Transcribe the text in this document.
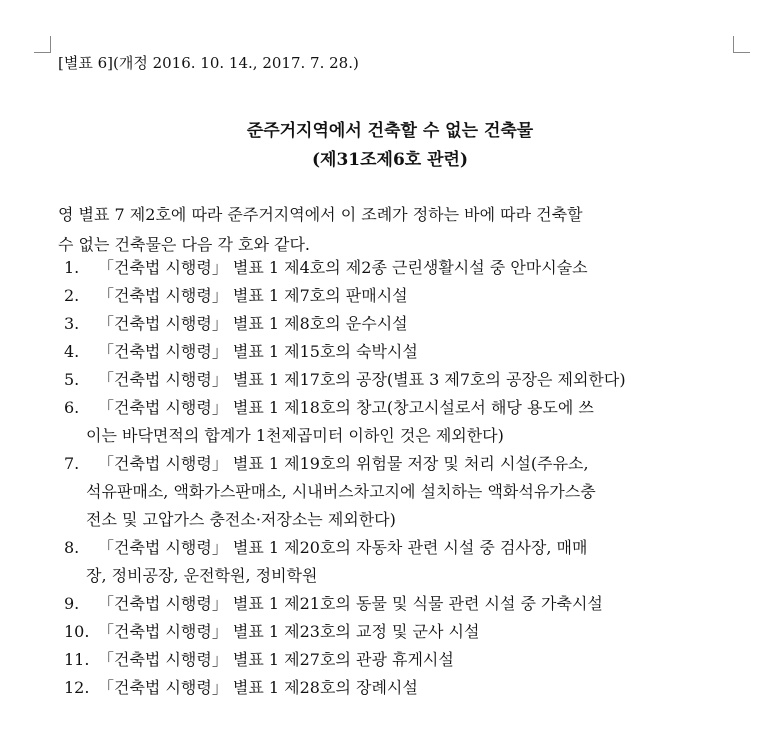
[별표 6](개정 2016. 10. 14., 2017. 7. 28.)
준주거지역에서 건축할 수 없는 건축물
(제31조제6호 관련)
영 별표 7 제2호에 따라 준주거지역에서 이 조례가 정하는 바에 따라 건축할
수 없는 건축물은 다음 각 호와 같다.
1. 「건축법 시행령」 별표 1 제4호의 제2종 근린생활시설 중 안마시술소
2. 「건축법 시행령」 별표 1 제7호의 판매시설
3. 「건축법 시행령」 별표 1 제8호의 운수시설
4. 「건축법 시행령」 별표 1 제15호의 숙박시설
5. 「건축법 시행령」 별표 1 제17호의 공장(별표 3 제7호의 공장은 제외한다)
6. 「건축법 시행령」 별표 1 제18호의 창고(창고시설로서 해당 용도에 쓰
이는 바닥면적의 합계가 1천제곱미터 이하인 것은 제외한다)
7. 「건축법 시행령」 별표 1 제19호의 위험물 저장 및 처리 시설(주유소,
석유판매소, 액화가스판매소, 시내버스차고지에 설치하는 액화석유가스충
전소 및 고압가스 충전소·저장소는 제외한다)
8. 「건축법 시행령」 별표 1 제20호의 자동차 관련 시설 중 검사장, 매매
장, 정비공장, 운전학원, 정비학원
9. 「건축법 시행령」 별표 1 제21호의 동물 및 식물 관련 시설 중 가축시설
10. 「건축법 시행령」 별표 1 제23호의 교정 및 군사 시설
11. 「건축법 시행령」 별표 1 제27호의 관광 휴게시설
12. 「건축법 시행령」 별표 1 제28호의 장례시설
